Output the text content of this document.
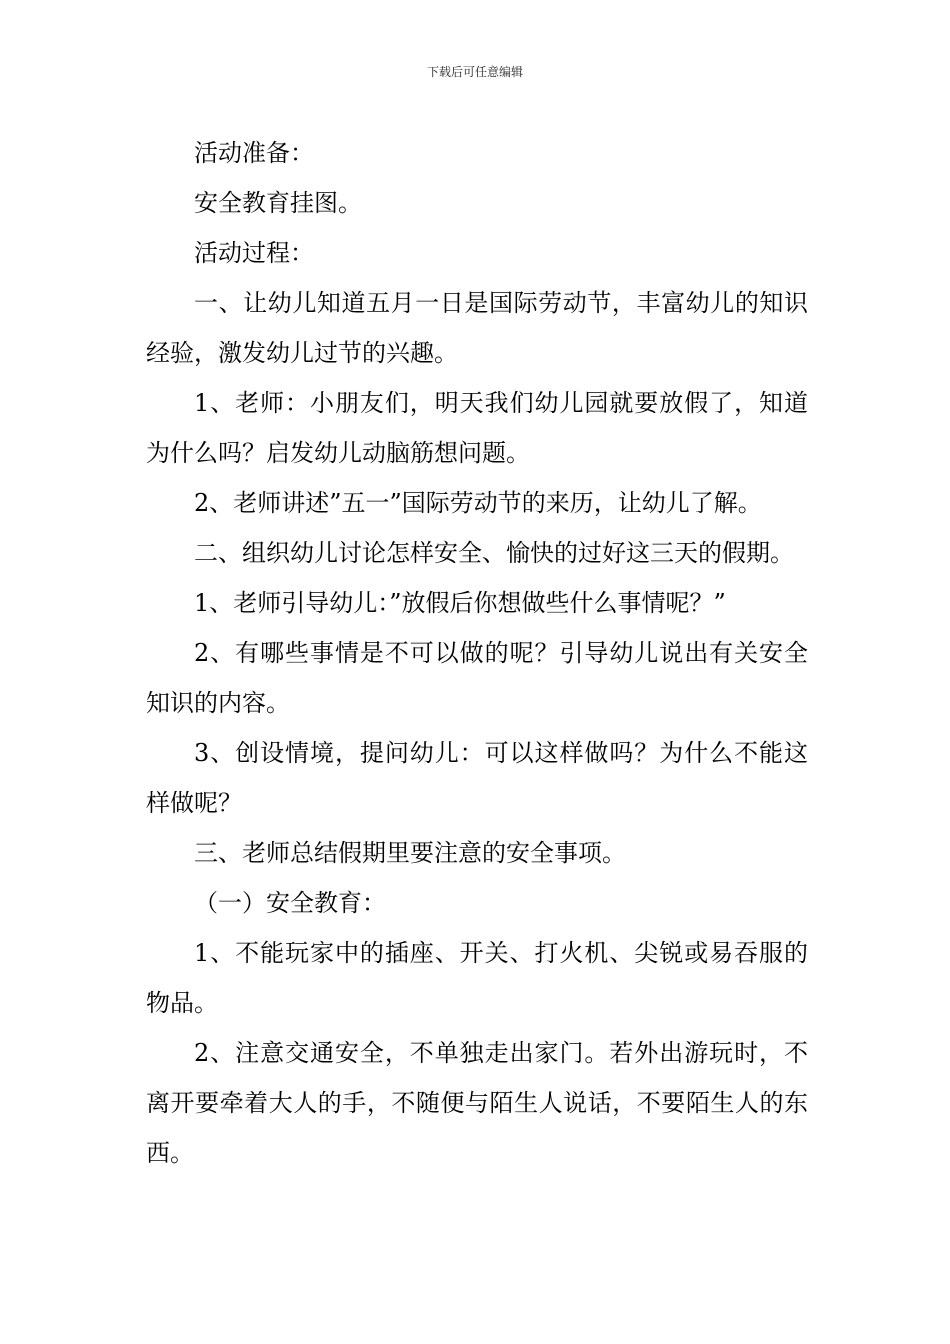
下载后可任意编辑

活动准备：

安全教育挂图。

活动过程：

一、让幼儿知道五月一日是国际劳动节，丰富幼儿的知识经验，激发幼儿过节的兴趣。

1、老师：小朋友们，明天我们幼儿园就要放假了，知道为什么吗？启发幼儿动脑筋想问题。

2、老师讲述”五一”国际劳动节的来历，让幼儿了解。

二、组织幼儿讨论怎样安全、愉快的过好这三天的假期。

1、老师引导幼儿：”放假后你想做些什么事情呢？”

2、有哪些事情是不可以做的呢？引导幼儿说出有关安全知识的内容。

3、创设情境，提问幼儿：可以这样做吗？为什么不能这样做呢？

三、老师总结假期里要注意的安全事项。

（一）安全教育：

1、不能玩家中的插座、开关、打火机、尖锐或易吞服的物品。

2、注意交通安全，不单独走出家门。若外出游玩时，不离开要牵着大人的手，不随便与陌生人说话，不要陌生人的东西。
